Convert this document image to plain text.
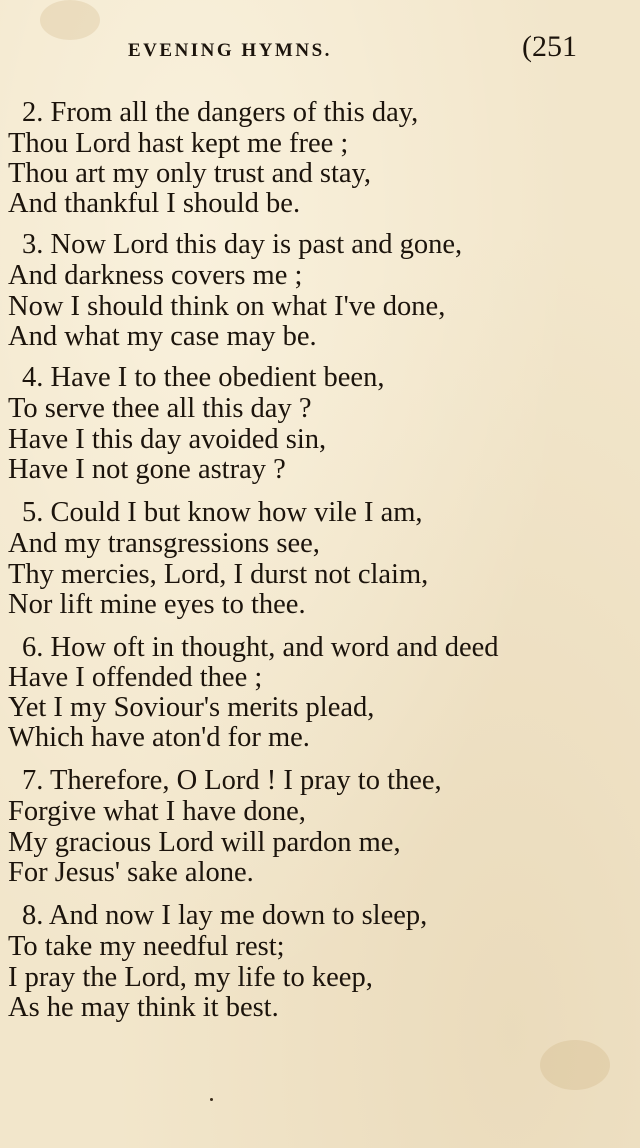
EVENING HYMNS.	(251
2. From all the dangers of this day,
Thou Lord hast kept me free ;
Thou art my only trust and stay,
And thankful I should be.
3. Now Lord this day is past and gone,
And darkness covers me ;
Now I should think on what I've done,
And what my case may be.
4. Have I to thee obedient been,
To serve thee all this day ?
Have I this day avoided sin,
Have I not gone astray ?
5. Could I but know how vile I am,
And my transgressions see,
Thy mercies, Lord, I durst not claim,
Nor lift mine eyes to thee.
6. How oft in thought, and word and deed
Have I offended thee ;
Yet I my Soviour's merits plead,
Which have aton'd for me.
7. Therefore, O Lord ! I pray to thee,
Forgive what I have done,
My gracious Lord will pardon me,
For Jesus' sake alone.
8. And now I lay me down to sleep,
To take my needful rest;
I pray the Lord, my life to keep,
As he may think it best.
